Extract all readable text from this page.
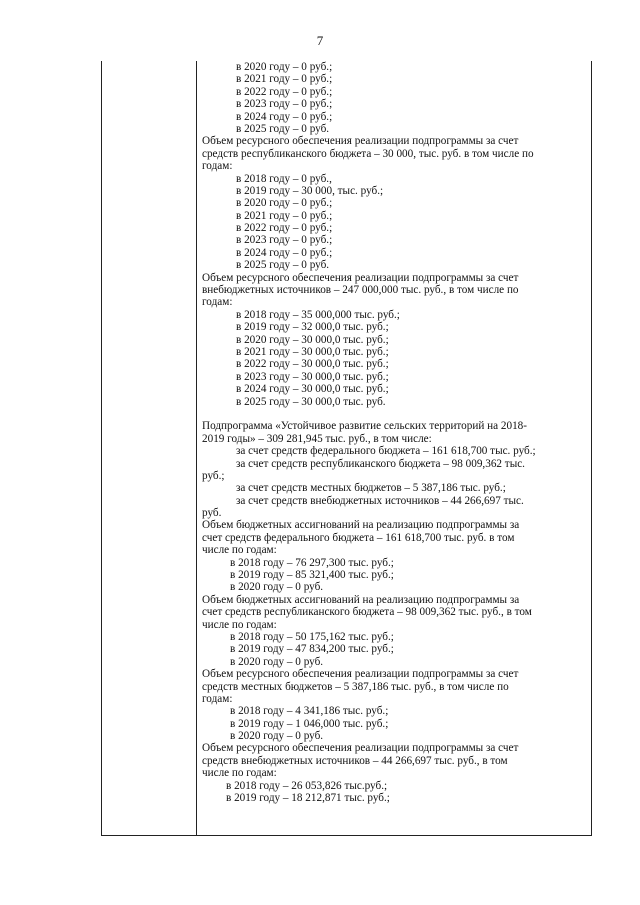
7
в 2020 году – 0 руб.;
в 2021 году – 0 руб.;
в 2022 году – 0 руб.;
в 2023 году – 0 руб.;
в 2024 году – 0 руб.;
в 2025 году – 0 руб.
Объем ресурсного обеспечения реализации подпрограммы за счет
средств республиканского бюджета – 30 000, тыс. руб. в том числе по
годам:
в 2018 году – 0 руб.,
в 2019 году – 30 000, тыс. руб.;
в 2020 году – 0 руб.;
в 2021 году – 0 руб.;
в 2022 году – 0 руб.;
в 2023 году – 0 руб.;
в 2024 году – 0 руб.;
в 2025 году – 0 руб.
Объем ресурсного обеспечения реализации подпрограммы за счет
внебюджетных источников – 247 000,000 тыс. руб., в том числе по
годам:
в 2018 году – 35 000,000 тыс. руб.;
в 2019 году – 32 000,0 тыс. руб.;
в 2020 году – 30 000,0 тыс. руб.;
в 2021 году – 30 000,0 тыс. руб.;
в 2022 году – 30 000,0 тыс. руб.;
в 2023 году – 30 000,0 тыс. руб.;
в 2024 году – 30 000,0 тыс. руб.;
в 2025 году – 30 000,0 тыс. руб.
Подпрограмма «Устойчивое развитие сельских территорий на 2018-
2019 годы» – 309 281,945 тыс. руб., в том числе:
за счет средств федерального бюджета – 161 618,700 тыс. руб.;
за счет средств республиканского бюджета – 98 009,362 тыс.
руб.;
за счет средств местных бюджетов – 5 387,186 тыс. руб.;
за счет средств внебюджетных источников – 44 266,697 тыс.
руб.
Объем бюджетных ассигнований на реализацию подпрограммы за
счет средств федерального бюджета – 161 618,700 тыс. руб. в том
числе по годам:
в 2018 году – 76 297,300 тыс. руб.;
в 2019 году – 85 321,400 тыс. руб.;
в 2020 году – 0 руб.
Объем бюджетных ассигнований на реализацию подпрограммы за
счет средств республиканского бюджета – 98 009,362 тыс. руб., в том
числе по годам:
в 2018 году – 50 175,162 тыс. руб.;
в 2019 году – 47 834,200 тыс. руб.;
в 2020 году – 0 руб.
Объем ресурсного обеспечения реализации подпрограммы за счет
средств местных бюджетов – 5 387,186 тыс. руб., в том числе по
годам:
в 2018 году – 4 341,186 тыс. руб.;
в 2019 году – 1 046,000 тыс. руб.;
в 2020 году – 0 руб.
Объем ресурсного обеспечения реализации подпрограммы за счет
средств внебюджетных источников – 44 266,697 тыс. руб., в том
числе по годам:
в 2018 году – 26 053,826 тыс.руб.;
в 2019 году – 18 212,871 тыс. руб.;
